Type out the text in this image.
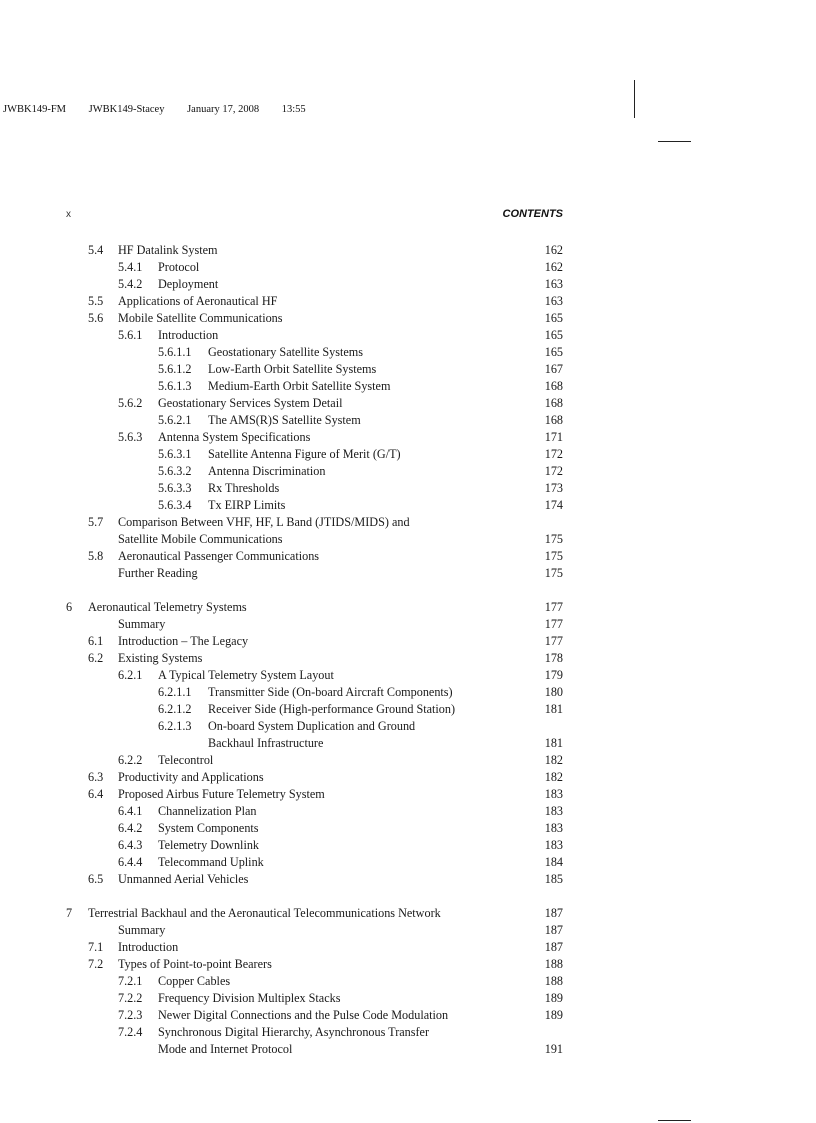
JWBK149-FM JWBK149-Stacey January 17, 2008 13:55
x	CONTENTS
5.4 HF Datalink System	162
5.4.1 Protocol	162
5.4.2 Deployment	163
5.5 Applications of Aeronautical HF	163
5.6 Mobile Satellite Communications	165
5.6.1 Introduction	165
5.6.1.1 Geostationary Satellite Systems	165
5.6.1.2 Low-Earth Orbit Satellite Systems	167
5.6.1.3 Medium-Earth Orbit Satellite System	168
5.6.2 Geostationary Services System Detail	168
5.6.2.1 The AMS(R)S Satellite System	168
5.6.3 Antenna System Specifications	171
5.6.3.1 Satellite Antenna Figure of Merit (G/T)	172
5.6.3.2 Antenna Discrimination	172
5.6.3.3 Rx Thresholds	173
5.6.3.4 Tx EIRP Limits	174
5.7 Comparison Between VHF, HF, L Band (JTIDS/MIDS) and
Satellite Mobile Communications	175
5.8 Aeronautical Passenger Communications	175
Further Reading	175
6 Aeronautical Telemetry Systems	177
Summary	177
6.1 Introduction – The Legacy	177
6.2 Existing Systems	178
6.2.1 A Typical Telemetry System Layout	179
6.2.1.1 Transmitter Side (On-board Aircraft Components)	180
6.2.1.2 Receiver Side (High-performance Ground Station)	181
6.2.1.3 On-board System Duplication and Ground
Backhaul Infrastructure	181
6.2.2 Telecontrol	182
6.3 Productivity and Applications	182
6.4 Proposed Airbus Future Telemetry System	183
6.4.1 Channelization Plan	183
6.4.2 System Components	183
6.4.3 Telemetry Downlink	183
6.4.4 Telecommand Uplink	184
6.5 Unmanned Aerial Vehicles	185
7 Terrestrial Backhaul and the Aeronautical Telecommunications Network	187
Summary	187
7.1 Introduction	187
7.2 Types of Point-to-point Bearers	188
7.2.1 Copper Cables	188
7.2.2 Frequency Division Multiplex Stacks	189
7.2.3 Newer Digital Connections and the Pulse Code Modulation	189
7.2.4 Synchronous Digital Hierarchy, Asynchronous Transfer
Mode and Internet Protocol	191
